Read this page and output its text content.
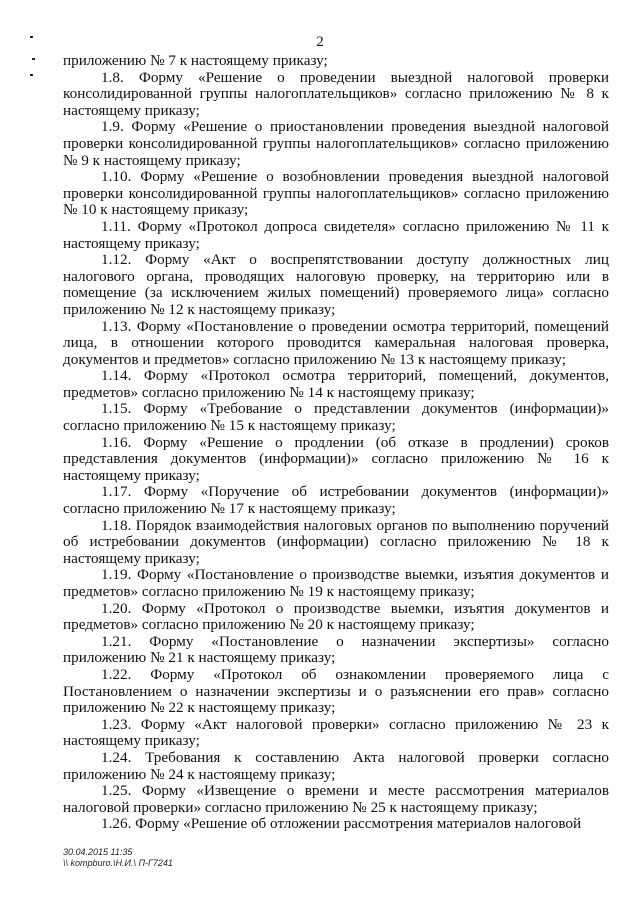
2

приложению № 7 к настоящему приказу;

1.8. Форму «Решение о проведении выездной налоговой проверки консолидированной группы налогоплательщиков» согласно приложению № 8 к настоящему приказу;

1.9. Форму «Решение о приостановлении проведения выездной налоговой проверки консолидированной группы налогоплательщиков» согласно приложению № 9 к настоящему приказу;

1.10. Форму «Решение о возобновлении проведения выездной налоговой проверки консолидированной группы налогоплательщиков» согласно приложению № 10 к настоящему приказу;

1.11. Форму «Протокол допроса свидетеля» согласно приложению № 11 к настоящему приказу;

1.12. Форму «Акт о воспрепятствовании доступу должностных лиц налогового органа, проводящих налоговую проверку, на территорию или в помещение (за исключением жилых помещений) проверяемого лица» согласно приложению № 12 к настоящему приказу;

1.13. Форму «Постановление о проведении осмотра территорий, помещений лица, в отношении которого проводится камеральная налоговая проверка, документов и предметов» согласно приложению № 13 к настоящему приказу;

1.14. Форму «Протокол осмотра территорий, помещений, документов, предметов» согласно приложению № 14 к настоящему приказу;

1.15. Форму «Требование о представлении документов (информации)» согласно приложению № 15 к настоящему приказу;

1.16. Форму «Решение о продлении (об отказе в продлении) сроков представления документов (информации)» согласно приложению № 16 к настоящему приказу;

1.17. Форму «Поручение об истребовании документов (информации)» согласно приложению № 17 к настоящему приказу;

1.18. Порядок взаимодействия налоговых органов по выполнению поручений об истребовании документов (информации) согласно приложению № 18 к настоящему приказу;

1.19. Форму «Постановление о производстве выемки, изъятия документов и предметов» согласно приложению № 19 к настоящему приказу;

1.20. Форму «Протокол о производстве выемки, изъятия документов и предметов» согласно приложению № 20 к настоящему приказу;

1.21. Форму «Постановление о назначении экспертизы» согласно приложению № 21 к настоящему приказу;

1.22. Форму «Протокол об ознакомлении проверяемого лица с Постановлением о назначении экспертизы и о разъяснении его прав» согласно приложению № 22 к настоящему приказу;

1.23. Форму «Акт налоговой проверки» согласно приложению № 23 к настоящему приказу;

1.24. Требования к составлению Акта налоговой проверки согласно приложению № 24 к настоящему приказу;

1.25. Форму «Извещение о времени и месте рассмотрения материалов налоговой проверки» согласно приложению № 25 к настоящему приказу;

1.26. Форму «Решение об отложении рассмотрения материалов налоговой

30.04.2015 11:35
\\ kompburo.\Н.И.\ П-Г7241
